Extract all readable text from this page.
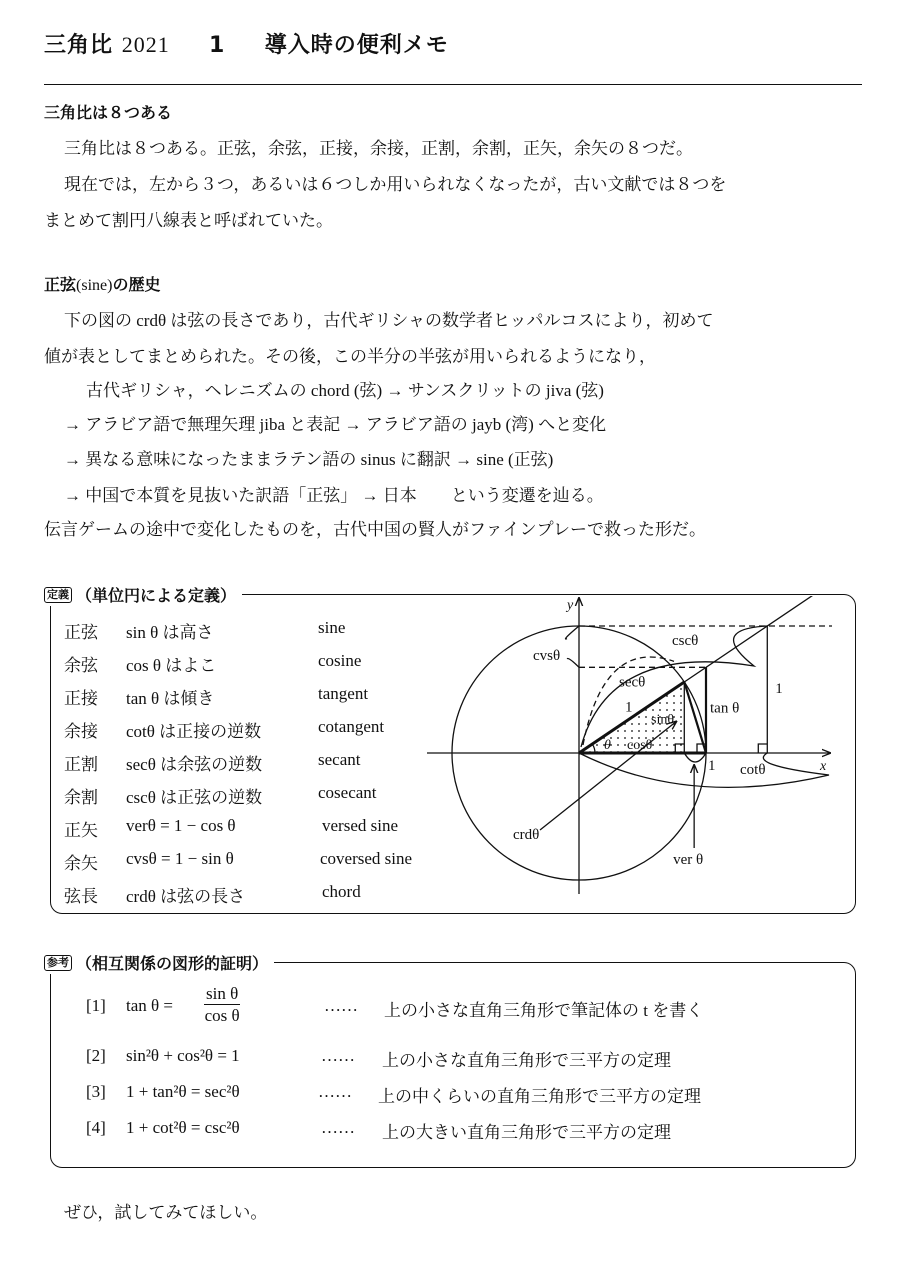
三角比 2021 1 導入時の便利メモ
三角比は８つある
三角比は８つある。正弦，余弦，正接，余接，正割，余割，正矢，余矢の８つだ。
現在では，左から３つ，あるいは６つしか用いられなくなったが，古い文献では８つを
まとめて割円八線表と呼ばれていた。
正弦(sine)の歴史
下の図の crdθ は弦の長さであり，古代ギリシャの数学者ヒッパルコスにより，初めて
値が表としてまとめられた。その後，この半分の半弦が用いられるようになり，
古代ギリシャ，ヘレニズムの chord (弦) → サンスクリットの jiva (弦)
→ アラビア語で無理矢理 jiba と表記 → アラビア語の jayb (湾) へと変化
→ 異なる意味になったままラテン語の sinus に翻訳 → sine (正弦)
→ 中国で本質を見抜いた訳語「正弦」 → 日本　　という変遷を辿る。
伝言ゲームの途中で変化したものを，古代中国の賢人がファインプレーで救った形だ。
定義 （単位円による定義）
正弦 sin θ は高さ	sine
余弦 cos θ はよこ	cosine
正接 tan θ は傾き	tangent
余接 cotθ は正接の逆数	cotangent
正割 secθ は余弦の逆数	secant
余割 cscθ は正弦の逆数	cosecant
正矢 verθ = 1 − cos θ	versed sine
余矢 cvsθ = 1 − sin θ	coversed sine
弦長 crdθ は弦の長さ	chord
y
x
cvsθ
cscθ
secθ
1
sinθ
θ cosθ
tan θ
1
1 cotθ
crdθ
ver θ
参考 （相互関係の図形的証明）
[1] $\tan \theta = \frac{\text{sin θ}}{\text{cos θ}}$	…… 上の小さな直角三角形で筆記体の t を書く
[2] sin²θ + cos²θ = 1	…… 上の小さな直角三角形で三平方の定理
[3] 1 + tan²θ = sec²θ	…… 上の中くらいの直角三角形で三平方の定理
[4] 1 + cot²θ = csc²θ	…… 上の大きい直角三角形で三平方の定理
ぜひ，試してみてほしい。
